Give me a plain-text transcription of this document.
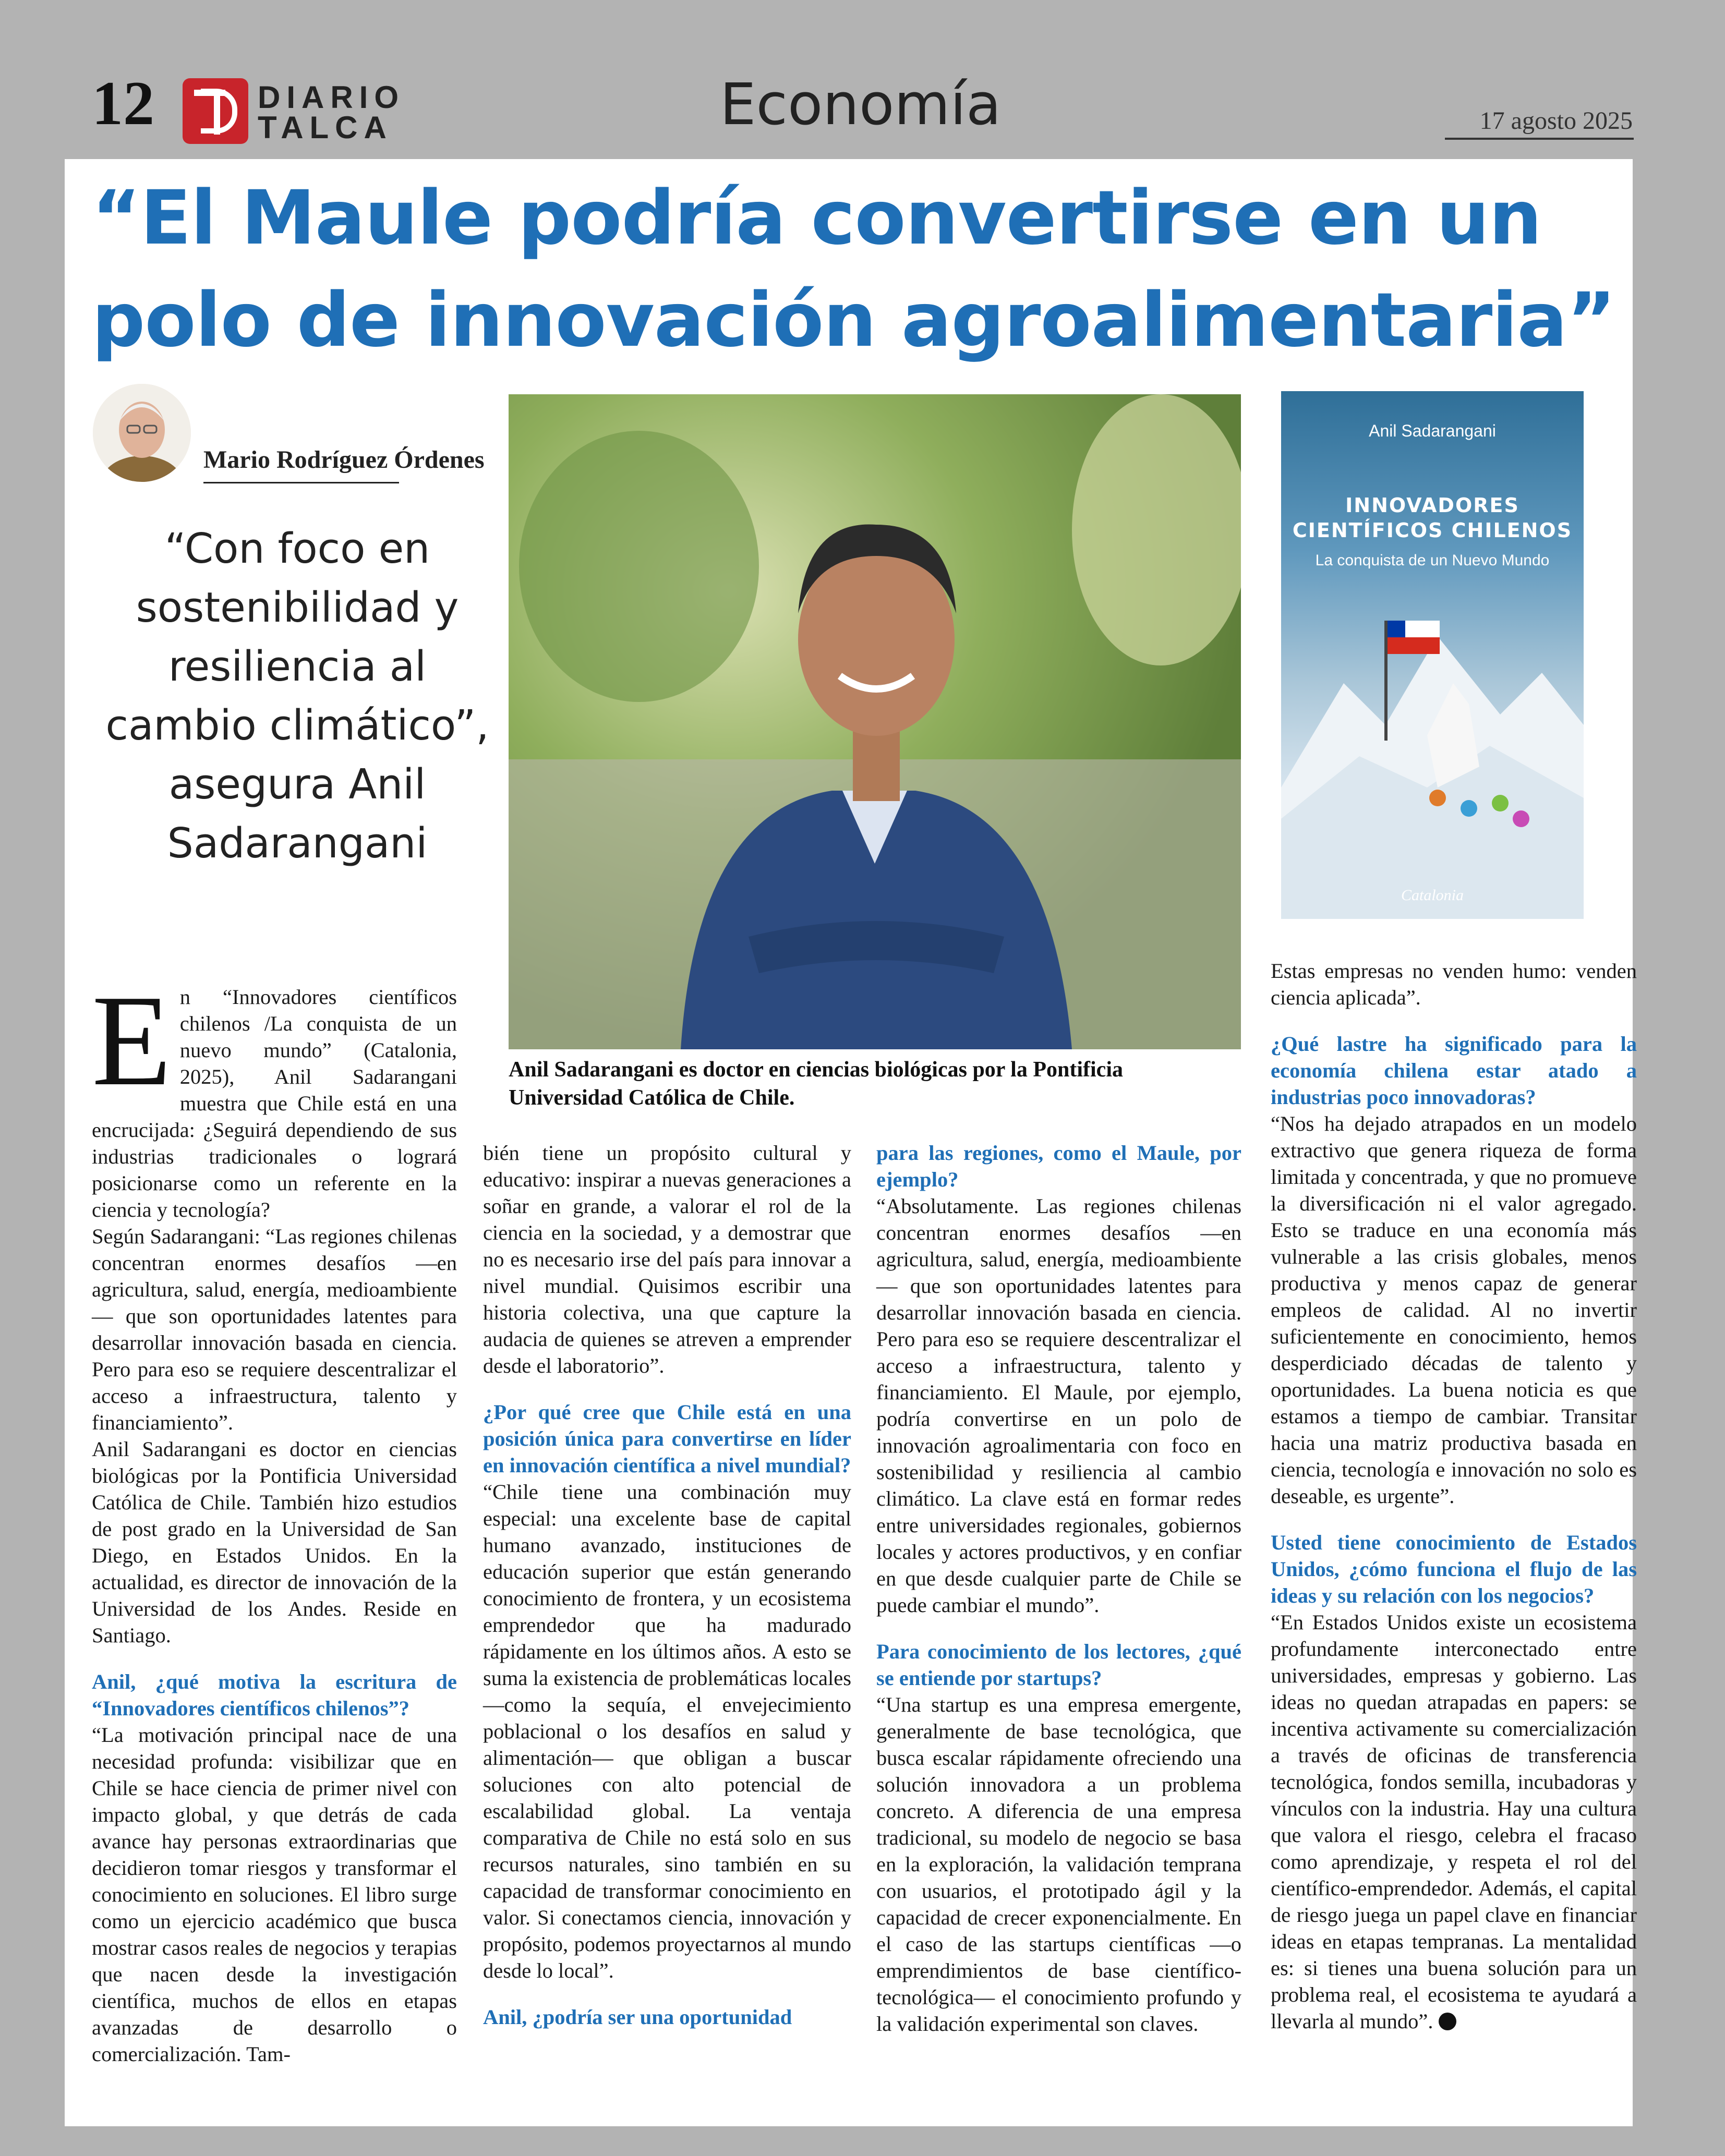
12	DIARIO
TALCA	Economía	17 agosto 2025
“El Maule podría convertirse en un polo de innovación agroalimentaria”
Mario Rodríguez Órdenes
“Con foco en sostenibilidad y resiliencia al cambio climático”, asegura Anil Sadarangani
Anil Sadarangani es doctor en ciencias biológicas por la Pontificia Universidad Católica de Chile.
Anil Sadarangani
INNOVADORES CIENTÍFICOS CHILENOS
La conquista de un Nuevo Mundo
Catalonia
E n “Innovadores científicos chilenos /La conquista de un nuevo mundo” (Catalonia, 2025), Anil Sadarangani muestra que Chile está en una encrucijada: ¿Seguirá dependiendo de sus industrias tradicionales o logrará posicionarse como un referente en la ciencia y tecnología?

Según Sadarangani: “Las regiones chilenas concentran enormes desafíos —en agricultura, salud, energía, medioambiente— que son oportunidades latentes para desarrollar innovación basada en ciencia. Pero para eso se requiere descentralizar el acceso a infraestructura, talento y financiamiento”.

Anil Sadarangani es doctor en ciencias biológicas por la Pontificia Universidad Católica de Chile. También hizo estudios de post grado en la Universidad de San Diego, en Estados Unidos. En la actualidad, es director de innovación de la Universidad de los Andes. Reside en Santiago.

Anil, ¿qué motiva la escritura de “Innovadores científicos chilenos”?

“La motivación principal nace de una necesidad profunda: visibilizar que en Chile se hace ciencia de primer nivel con impacto global, y que detrás de cada avance hay personas extraordinarias que decidieron tomar riesgos y transformar el conocimiento en soluciones. El libro surge como un ejercicio académico que busca mostrar casos reales de negocios y terapias que nacen desde la investigación científica, muchos de ellos en etapas avanzadas de desarrollo o comercialización. Tam-

bién tiene un propósito cultural y educativo: inspirar a nuevas generaciones a soñar en grande, a valorar el rol de la ciencia en la sociedad, y a demostrar que no es necesario irse del país para innovar a nivel mundial. Quisimos escribir una historia colectiva, una que capture la audacia de quienes se atreven a emprender desde el laboratorio”.

¿Por qué cree que Chile está en una posición única para convertirse en líder en innovación científica a nivel mundial?

“Chile tiene una combinación muy especial: una excelente base de capital humano avanzado, instituciones de educación superior que están generando conocimiento de frontera, y un ecosistema emprendedor que ha madurado rápidamente en los últimos años. A esto se suma la existencia de problemáticas locales —como la sequía, el envejecimiento poblacional o los desafíos en salud y alimentación— que obligan a buscar soluciones con alto potencial de escalabilidad global. La ventaja comparativa de Chile no está solo en sus recursos naturales, sino también en su capacidad de transformar conocimiento en valor. Si conectamos ciencia, innovación y propósito, podemos proyectarnos al mundo desde lo local”.

Anil, ¿podría ser una oportunidad

para las regiones, como el Maule, por ejemplo?

“Absolutamente. Las regiones chilenas concentran enormes desafíos —en agricultura, salud, energía, medioambiente— que son oportunidades latentes para desarrollar innovación basada en ciencia. Pero para eso se requiere descentralizar el acceso a infraestructura, talento y financiamiento. El Maule, por ejemplo, podría convertirse en un polo de innovación agroalimentaria con foco en sostenibilidad y resiliencia al cambio climático. La clave está en formar redes entre universidades regionales, gobiernos locales y actores productivos, y en confiar en que desde cualquier parte de Chile se puede cambiar el mundo”.

Para conocimiento de los lectores, ¿qué se entiende por startups?

“Una startup es una empresa emergente, generalmente de base tecnológica, que busca escalar rápidamente ofreciendo una solución innovadora a un problema concreto. A diferencia de una empresa tradicional, su modelo de negocio se basa en la exploración, la validación temprana con usuarios, el prototipado ágil y la capacidad de crecer exponencialmente. En el caso de las startups científicas —o emprendimientos de base científico-tecnológica— el conocimiento profundo y la validación experimental son claves.

Estas empresas no venden humo: venden ciencia aplicada”.

¿Qué lastre ha significado para la economía chilena estar atado a industrias poco innovadoras?

“Nos ha dejado atrapados en un modelo extractivo que genera riqueza de forma limitada y concentrada, y que no promueve la diversificación ni el valor agregado. Esto se traduce en una economía más vulnerable a las crisis globales, menos productiva y menos capaz de generar empleos de calidad. Al no invertir suficientemente en conocimiento, hemos desperdiciado décadas de talento y oportunidades. La buena noticia es que estamos a tiempo de cambiar. Transitar hacia una matriz productiva basada en ciencia, tecnología e innovación no solo es deseable, es urgente”.

Usted tiene conocimiento de Estados Unidos, ¿cómo funciona el flujo de las ideas y su relación con los negocios?

“En Estados Unidos existe un ecosistema profundamente interconectado entre universidades, empresas y gobierno. Las ideas no quedan atrapadas en papers: se incentiva activamente su comercialización a través de oficinas de transferencia tecnológica, fondos semilla, incubadoras y vínculos con la industria. Hay una cultura que valora el riesgo, celebra el fracaso como aprendizaje, y respeta el rol del científico-emprendedor. Además, el capital de riesgo juega un papel clave en financiar ideas en etapas tempranas. La mentalidad es: si tienes una buena solución para un problema real, el ecosistema te ayudará a llevarla al mundo”.
